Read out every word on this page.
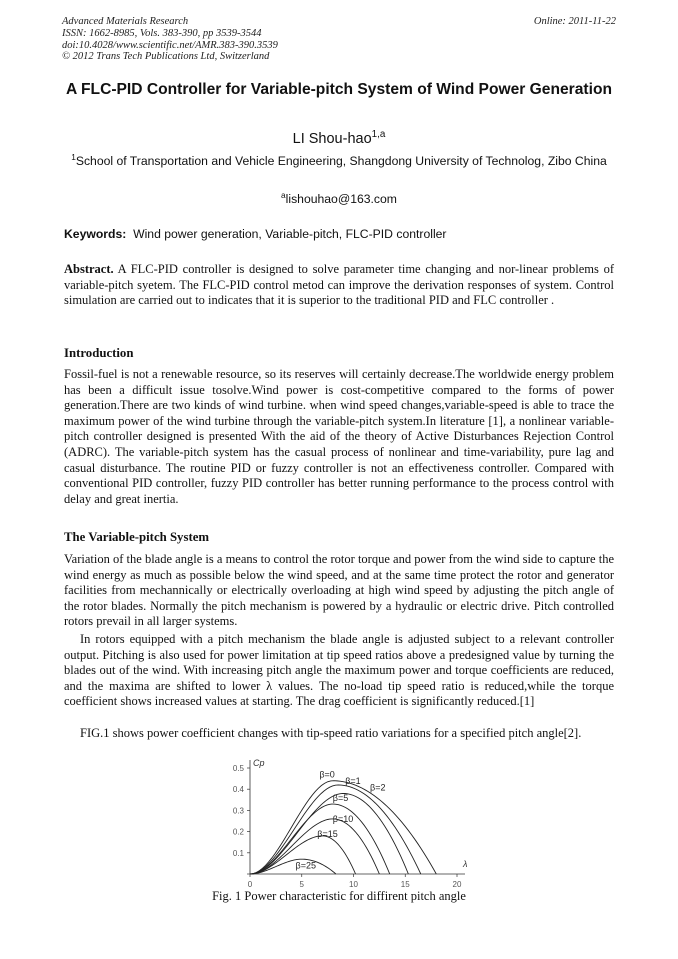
Advanced Materials Research	Online: 2011-11-22
ISSN: 1662-8985, Vols. 383-390, pp 3539-3544
doi:10.4028/www.scientific.net/AMR.383-390.3539
© 2012 Trans Tech Publications Ltd, Switzerland
A FLC-PID Controller for Variable-pitch System of Wind Power Generation
LI Shou-hao$^{1,a}$
$^1$School of Transportation and Vehicle Engineering, Shangdong University of Technolog, Zibo China
$^a$lishouhao@163.com
Keywords: Wind power generation, Variable-pitch, FLC-PID controller
Abstract. A FLC-PID controller is designed to solve parameter time changing and nor-linear problems of variable-pitch syetem. The FLC-PID control metod can improve the derivation responses of system. Control simulation are carried out to indicates that it is superior to the traditional PID and FLC controller .
Introduction
Fossil-fuel is not a renewable resource, so its reserves will certainly decrease.The worldwide energy problem has been a difficult issue tosolve.Wind power is cost-competitive compared to the forms of power generation.There are two kinds of wind turbine. when wind speed changes,variable-speed is able to trace the maximum power of the wind turbine through the variable-pitch system.In literature [1], a nonlinear variable-pitch controller designed is presented With the aid of the theory of Active Disturbances Rejection Control (ADRC). The variable-pitch system has the casual process of nonlinear and time-variability, pure lag and casual disturbance. The routine PID or fuzzy controller is not an effectiveness controller. Compared with conventional PID controller, fuzzy PID controller has better running performance to the process control with delay and great inertia.
The Variable-pitch System
Variation of the blade angle is a means to control the rotor torque and power from the wind side to capture the wind energy as much as possible below the wind speed, and at the same time protect the rotor and generator facilities from mechannically or electrically overloading at high wind speed by adjusting the pitch angle of the rotor blades. Normally the pitch mechanism is powered by a hydraulic or electric drive. Pitch controlled rotors prevail in all larger systems.
In rotors equipped with a pitch mechanism the blade angle is adjusted subject to a relevant controller output. Pitching is also used for power limitation at tip speed ratios above a predesigned value by turning the blades out of the wind. With increasing pitch angle the maximum power and torque coefficients are reduced, and the maxima are shifted to lower λ values. The no-load tip speed ratio is reduced,while the torque coefficient shows increased values at starting. The drag coefficient is significantly reduced.[1]
FIG.1 shows power coefficient changes with tip-speed ratio variations for a specified pitch angle[2].
0	5	10	15	20
0.1
0.2
0.3
0.4
0.5
λ
Cp
β=0
β=1
β=2
β=5
β=10
β=15
β=25
Fig. 1 Power characteristic for diffirent pitch angle
